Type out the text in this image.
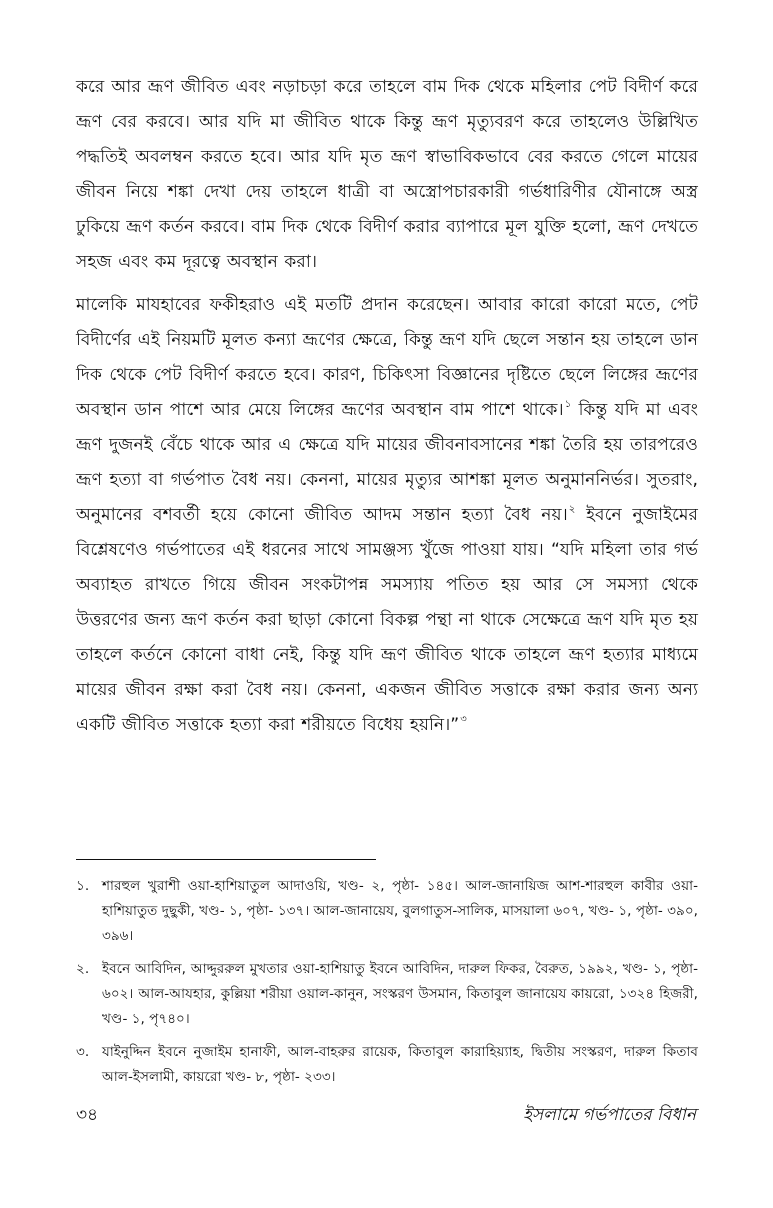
করে আর ভ্রূণ জীবিত এবং নড়াচড়া করে তাহলে বাম দিক থেকে মহিলার পেট বিদীর্ণ করে ভ্রূণ বের করবে। আর যদি মা জীবিত থাকে কিন্তু ভ্রূণ মৃত্যুবরণ করে তাহলেও উল্লিখিত পদ্ধতিই অবলম্বন করতে হবে। আর যদি মৃত ভ্রূণ স্বাভাবিকভাবে বের করতে গেলে মায়ের জীবন নিয়ে শঙ্কা দেখা দেয় তাহলে ধাত্রী বা অস্ত্রোপচারকারী গর্ভধারিণীর যৌনাঙ্গে অস্ত্র ঢুকিয়ে ভ্রূণ কর্তন করবে। বাম দিক থেকে বিদীর্ণ করার ব্যাপারে মূল যুক্তি হলো, ভ্রূণ দেখতে সহজ এবং কম দূরত্বে অবস্থান করা।

মালেকি মাযহাবের ফকীহরাও এই মতটি প্রদান করেছেন। আবার কারো কারো মতে, পেট বিদীর্ণের এই নিয়মটি মূলত কন্যা ভ্রূণের ক্ষেত্রে, কিন্তু ভ্রূণ যদি ছেলে সন্তান হয় তাহলে ডান দিক থেকে পেট বিদীর্ণ করতে হবে। কারণ, চিকিৎসা বিজ্ঞানের দৃষ্টিতে ছেলে লিঙ্গের ভ্রূণের অবস্থান ডান পাশে আর মেয়ে লিঙ্গের ভ্রূণের অবস্থান বাম পাশে থাকে।$^১$ কিন্তু যদি মা এবং ভ্রূণ দুজনই বেঁচে থাকে আর এ ক্ষেত্রে যদি মায়ের জীবনাবসানের শঙ্কা তৈরি হয় তারপরেও ভ্রূণ হত্যা বা গর্ভপাত বৈধ নয়। কেননা, মায়ের মৃত্যুর আশঙ্কা মূলত অনুমাননির্ভর। সুতরাং, অনুমানের বশবর্তী হয়ে কোনো জীবিত আদম সন্তান হত্যা বৈধ নয়।$^২$ ইবনে নুজাইমের বিশ্লেষণেও গর্ভপাতের এই ধরনের সাথে সামঞ্জস্য খুঁজে পাওয়া যায়। “যদি মহিলা তার গর্ভ অব্যাহত রাখতে গিয়ে জীবন সংকটাপন্ন সমস্যায় পতিত হয় আর সে সমস্যা থেকে উত্তরণের জন্য ভ্রূণ কর্তন করা ছাড়া কোনো বিকল্প পন্থা না থাকে সেক্ষেত্রে ভ্রূণ যদি মৃত হয় তাহলে কর্তনে কোনো বাধা নেই, কিন্তু যদি ভ্রূণ জীবিত থাকে তাহলে ভ্রূণ হত্যার মাধ্যমে মায়ের জীবন রক্ষা করা বৈধ নয়। কেননা, একজন জীবিত সত্তাকে রক্ষা করার জন্য অন্য একটি জীবিত সত্তাকে হত্যা করা শরীয়তে বিধেয় হয়নি।”$^৩$

১. শারহুল খুরাশী ওয়া-হাশিয়াতুল আদাওয়ি, খণ্ড- ২, পৃষ্ঠা- ১৪৫। আল-জানায়িজ আশ-শারহুল কাবীর ওয়া-হাশিয়াতুত দুছুকী, খণ্ড- ১, পৃষ্ঠা- ১৩৭। আল-জানায়েয, বুলগাতুস-সালিক, মাসয়ালা ৬০৭, খণ্ড- ১, পৃষ্ঠা- ৩৯০, ৩৯৬।
২. ইবনে আবিদিন, আদ্দুররুল মুখতার ওয়া-হাশিয়াতু ইবনে আবিদিন, দারুল ফিকর, বৈরুত, ১৯৯২, খণ্ড- ১, পৃষ্ঠা- ৬০২। আল-আযহার, কুল্লিয়া শরীয়া ওয়াল-কানুন, সংস্করণ উসমান, কিতাবুল জানায়েয কায়রো, ১৩২৪ হিজরী, খণ্ড- ১, পৃ৭৪০।
৩. যাইনুদ্দিন ইবনে নুজাইম হানাফী, আল-বাহরুর রায়েক, কিতাবুল কারাহিয়্যাহ, দ্বিতীয় সংস্করণ, দারুল কিতাব আল-ইসলামী, কায়রো খণ্ড- ৮, পৃষ্ঠা- ২৩৩।
৩৪	ইসলামে গর্ভপাতের বিধান
